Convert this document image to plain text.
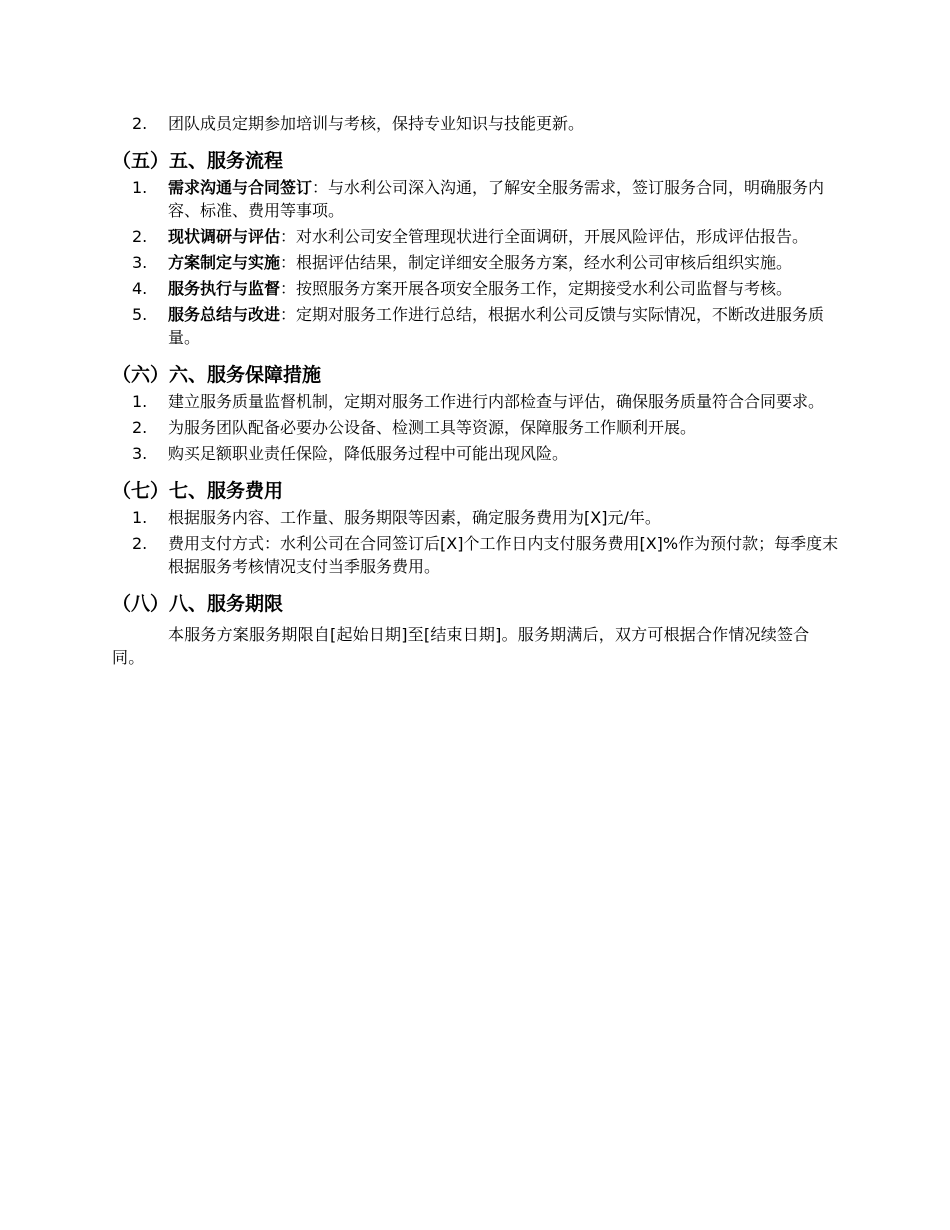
2. 团队成员定期参加培训与考核，保持专业知识与技能更新。
（五）五、服务流程
1. 需求沟通与合同签订：与水利公司深入沟通，了解安全服务需求，签订服务合同，明确服务内容、标准、费用等事项。
2. 现状调研与评估：对水利公司安全管理现状进行全面调研，开展风险评估，形成评估报告。
3. 方案制定与实施：根据评估结果，制定详细安全服务方案，经水利公司审核后组织实施。
4. 服务执行与监督：按照服务方案开展各项安全服务工作，定期接受水利公司监督与考核。
5. 服务总结与改进：定期对服务工作进行总结，根据水利公司反馈与实际情况，不断改进服务质量。
（六）六、服务保障措施
1. 建立服务质量监督机制，定期对服务工作进行内部检查与评估，确保服务质量符合合同要求。
2. 为服务团队配备必要办公设备、检测工具等资源，保障服务工作顺利开展。
3. 购买足额职业责任保险，降低服务过程中可能出现风险。
（七）七、服务费用
1. 根据服务内容、工作量、服务期限等因素，确定服务费用为[X]元/年。
2. 费用支付方式：水利公司在合同签订后[X]个工作日内支付服务费用[X]%作为预付款；每季度末根据服务考核情况支付当季服务费用。
（八）八、服务期限

本服务方案服务期限自[起始日期]至[结束日期]。服务期满后，双方可根据合作情况续签合同。
